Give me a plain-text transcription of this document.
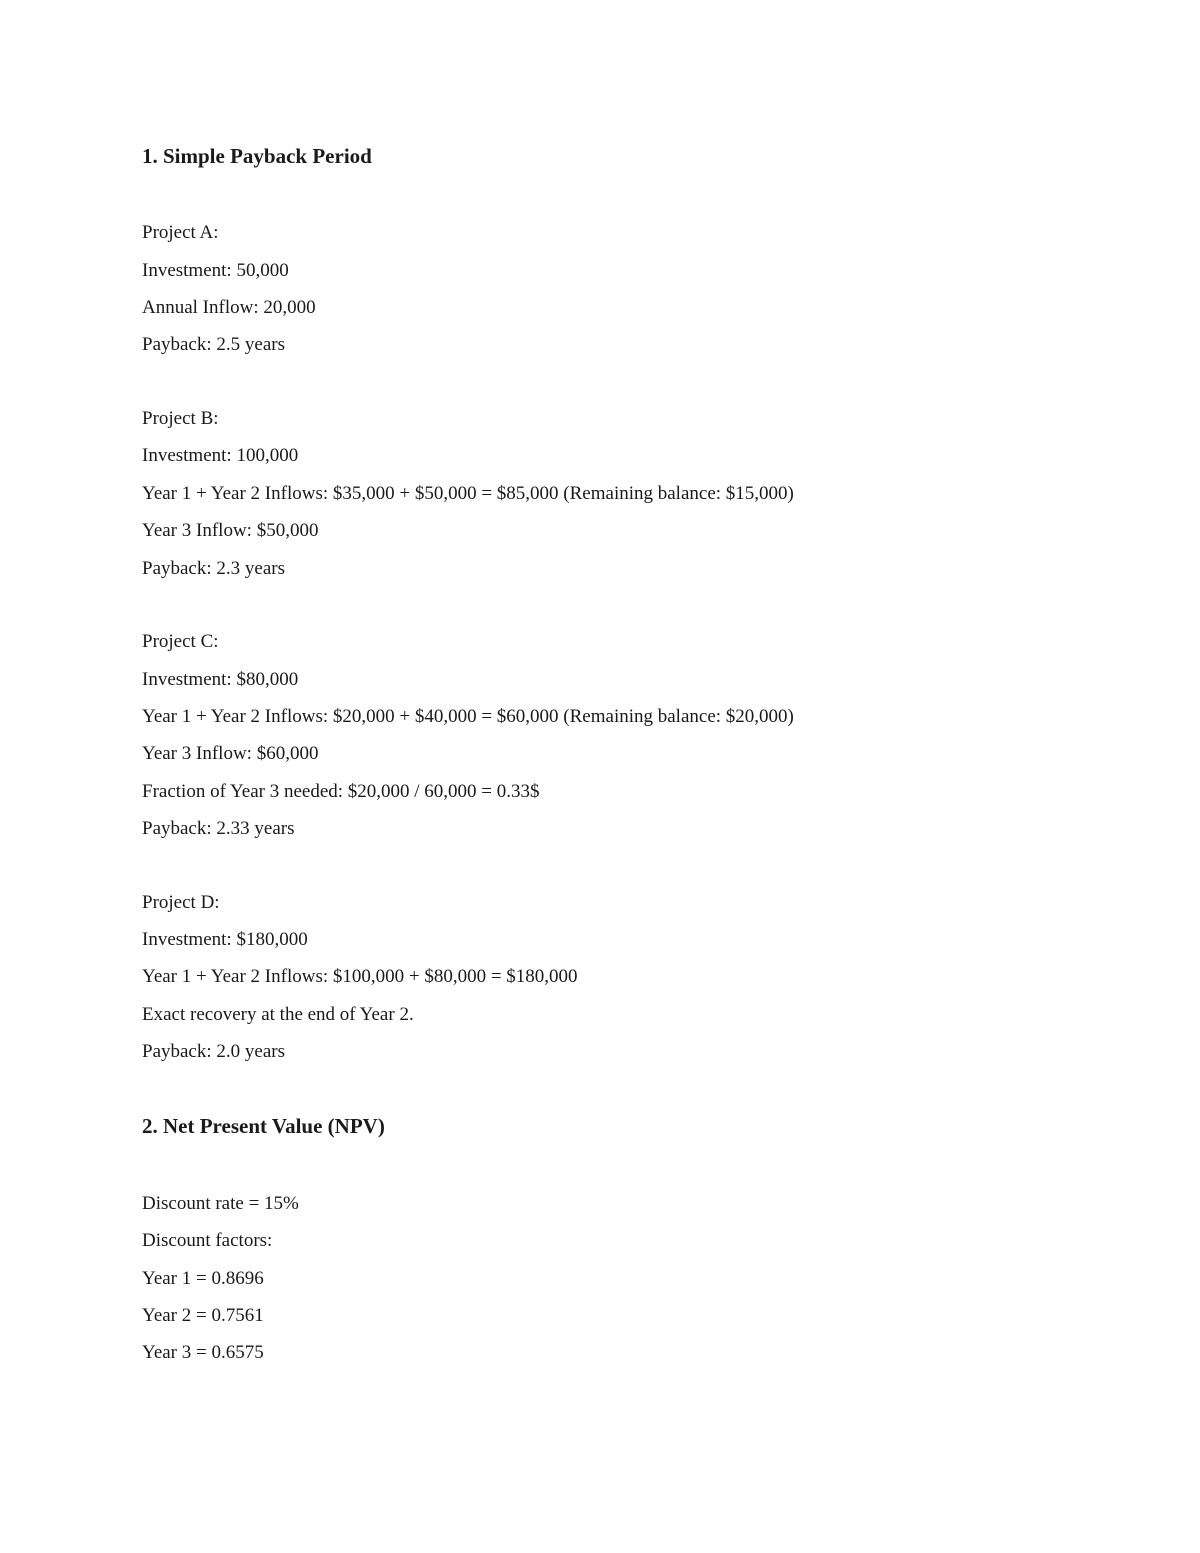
1. Simple Payback Period
Project A:
Investment: 50,000
Annual Inflow: 20,000
Payback: 2.5 years
Project B:
Investment: 100,000
Year 1 + Year 2 Inflows: $35,000 + $50,000 = $85,000 (Remaining balance: $15,000)
Year 3 Inflow: $50,000
Payback: 2.3 years
Project C:
Investment: $80,000
Year 1 + Year 2 Inflows: $20,000 + $40,000 = $60,000 (Remaining balance: $20,000)
Year 3 Inflow: $60,000
Fraction of Year 3 needed: $20,000 / 60,000 = 0.33$
Payback: 2.33 years
Project D:
Investment: $180,000
Year 1 + Year 2 Inflows: $100,000 + $80,000 = $180,000
Exact recovery at the end of Year 2.
Payback: 2.0 years
2. Net Present Value (NPV)
Discount rate = 15%
Discount factors:
Year 1 = 0.8696
Year 2 = 0.7561
Year 3 = 0.6575
